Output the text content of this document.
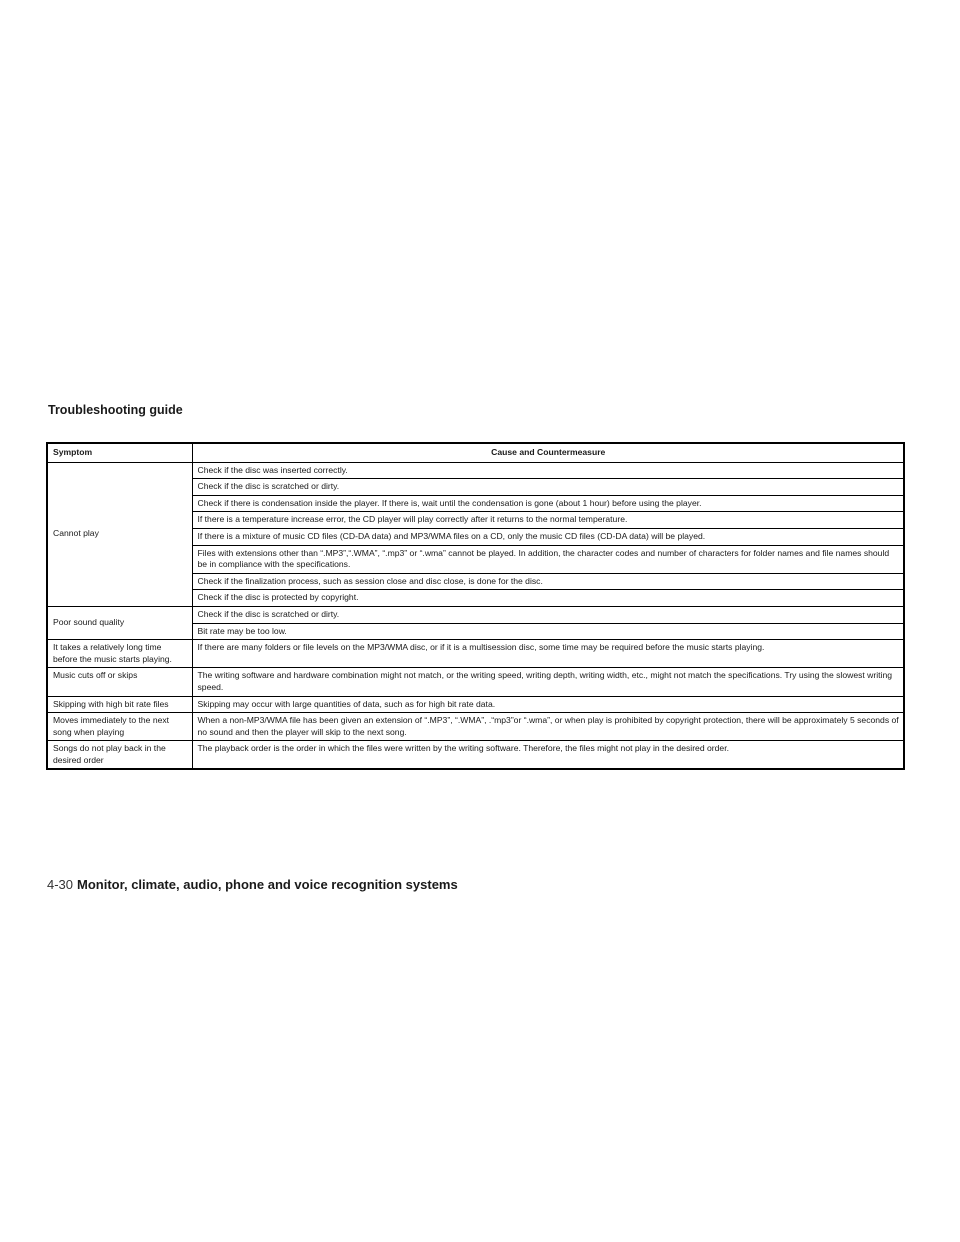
Troubleshooting guide
Symptom	Cause and Countermeasure
Cannot play	Check if the disc was inserted correctly.
	Check if the disc is scratched or dirty.
	Check if there is condensation inside the player. If there is, wait until the condensation is gone (about 1 hour) before using the player.
	If there is a temperature increase error, the CD player will play correctly after it returns to the normal temperature.
	If there is a mixture of music CD files (CD-DA data) and MP3/WMA files on a CD, only the music CD files (CD-DA data) will be played.
	Files with extensions other than “.MP3”,“.WMA”, “.mp3” or “.wma” cannot be played. In addition, the character codes and number of characters for folder names and file names should be in compliance with the specifications.
	Check if the finalization process, such as session close and disc close, is done for the disc.
	Check if the disc is protected by copyright.
Poor sound quality	Check if the disc is scratched or dirty.
	Bit rate may be too low.
It takes a relatively long time before the music starts playing.	If there are many folders or file levels on the MP3/WMA disc, or if it is a multisession disc, some time may be required before the music starts playing.
Music cuts off or skips	The writing software and hardware combination might not match, or the writing speed, writing depth, writing width, etc., might not match the specifications. Try using the slowest writing speed.
Skipping with high bit rate files	Skipping may occur with large quantities of data, such as for high bit rate data.
Moves immediately to the next song when playing	When a non-MP3/WMA file has been given an extension of “.MP3”, “.WMA”, .“mp3”or “.wma”, or when play is prohibited by copyright protection, there will be approximately 5 seconds of no sound and then the player will skip to the next song.
Songs do not play back in the desired order	The playback order is the order in which the files were written by the writing software. Therefore, the files might not play in the desired order.

4-30 Monitor, climate, audio, phone and voice recognition systems
